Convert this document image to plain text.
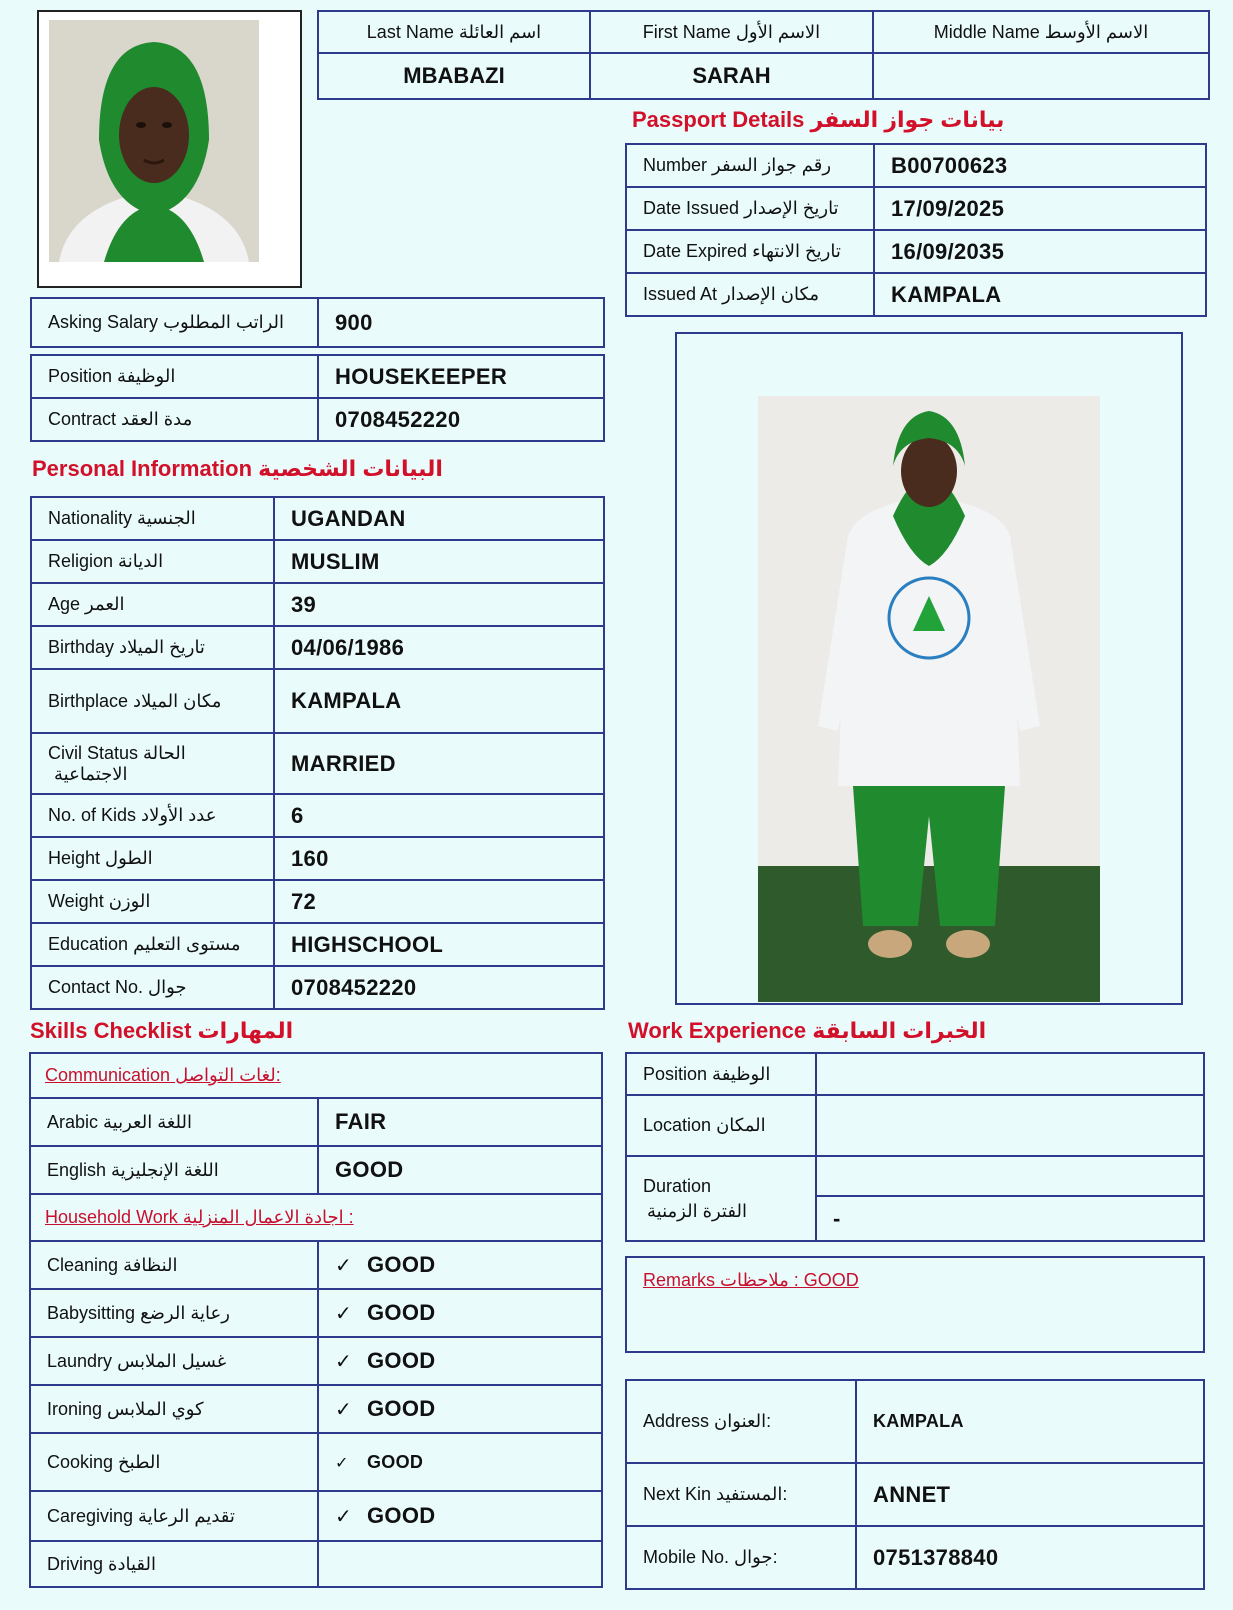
Last Name اسم العائلة	First Name الاسم الأول	Middle Name الاسم الأوسط
MBABAZI	SARAH	
Passport Details بيانات جواز السفر
Number رقم جواز السفر	B00700623
Date Issued تاريخ الإصدار	17/09/2025
Date Expired تاريخ الانتهاء	16/09/2035
Issued At مكان الإصدار	KAMPALA
Asking Salary الراتب المطلوب	900
Position الوظيفة	HOUSEKEEPER
Contract مدة العقد	0708452220
Personal Information البيانات الشخصية
Nationality الجنسية	UGANDAN
Religion الديانة	MUSLIM
Age العمر	39
Birthday تاريخ الميلاد	04/06/1986
Birthplace مكان الميلاد	KAMPALA

Civil Status الحالة
الاجتماعية	MARRIED
No. of Kids عدد الأولاد	6
Height الطول	160
Weight الوزن	72
Education مستوى التعليم	HIGHSCHOOL
Contact No. جوال	0708452220
Skills Checklist المهارات
Communication لغات التواصل:	
Arabic اللغة العربية	FAIR
English اللغة الإنجليزية	GOOD
Household Work اجادة الاعمال المنزلية :	
Cleaning النظافة	✓ GOOD
Babysitting رعاية الرضع	✓ GOOD
Laundry غسيل الملابس	✓ GOOD
Ironing كوي الملابس	✓ GOOD
Cooking الطبخ	✓ GOOD
Caregiving تقديم الرعاية	✓ GOOD
Driving القيادة	
Work Experience الخبرات السابقة
Position الوظيفة	
Location المكان	

Duration
الفترة الزمنية	

	-
Remarks ملاحظات : GOOD
Address العنوان:	KAMPALA
Next Kin المستفيد:	ANNET
Mobile No. جوال:	0751378840
